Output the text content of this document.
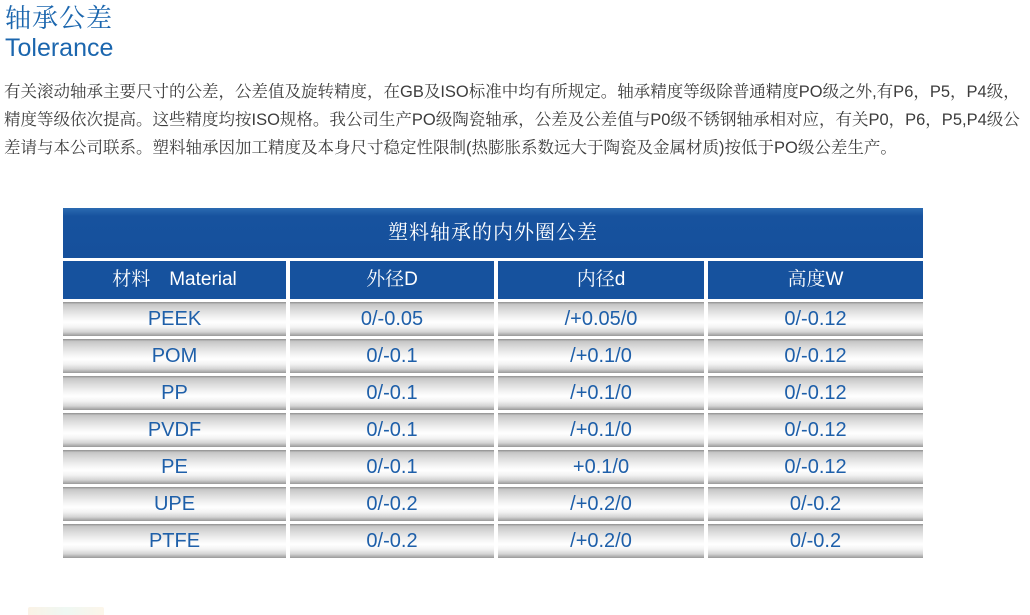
轴承公差
Tolerance
有关滚动轴承主要尺寸的公差，公差值及旋转精度，在GB及ISO标准中均有所规定。轴承精度等级除普通精度PO级之外,有P6，P5，P4级，
精度等级依次提高。这些精度均按ISO规格。我公司生产PO级陶瓷轴承，公差及公差值与P0级不锈钢轴承相对应，有关P0，P6，P5,P4级公
差请与本公司联系。塑料轴承因加工精度及本身尺寸稳定性限制(热膨胀系数远大于陶瓷及金属材质)按低于PO级公差生产。
塑料轴承的内外圈公差
材料　Material	外径D	内径d	高度W
PEEK	0/-0.05	/+0.05/0	0/-0.12
POM	0/-0.1	/+0.1/0	0/-0.12
PP	0/-0.1	/+0.1/0	0/-0.12
PVDF	0/-0.1	/+0.1/0	0/-0.12
PE	0/-0.1	+0.1/0	0/-0.12
UPE	0/-0.2	/+0.2/0	0/-0.2
PTFE	0/-0.2	/+0.2/0	0/-0.2
